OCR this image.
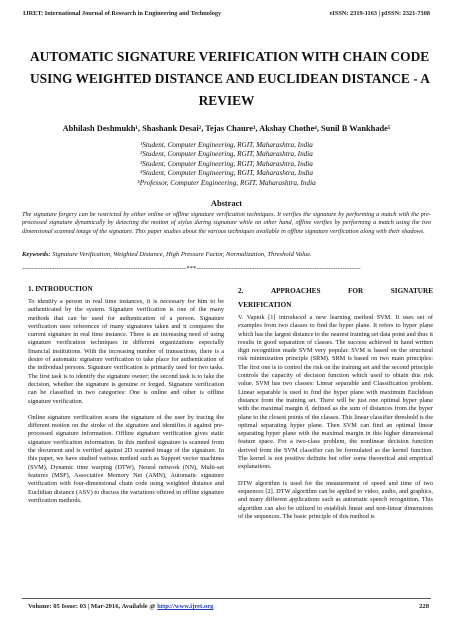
IJRET: International Journal of Research in Engineering and Technology	eISSN: 2319-1163 | pISSN: 2321-7308
AUTOMATIC SIGNATURE VERIFICATION WITH CHAIN CODE
USING WEIGHTED DISTANCE AND EUCLIDEAN DISTANCE - A
REVIEW
Abhilash Deshmukh¹, Shashank Desai², Tejas Chaure³, Akshay Chothe⁴, Sunil B Wankhade⁵
¹Student, Computer Engineering, RGIT, Maharashtra, India
²Student, Computer Engineering, RGIT, Maharashtra, India
³Student, Computer Engineering, RGIT, Maharashtra, India
⁴Student, Computer Engineering, RGIT, Maharashtra, India
⁵Professor, Computer Engineering, RGIT, Maharashtra, India
Abstract
The signature forgery can be restricted by either online or offline signature verification techniques. It verifies the signature by performing a match with the pre-processed signature dynamically by detecting the motion of stylus during signature while on other hand, offline verifies by performing a match using the two dimensional scanned image of the signature. This paper studies about the various techniques available in offline signature verification along with their shadows.
Keywords: Signature Verification, Weighted Distance, High Pressure Factor, Normalization, Threshold Value.
-----------------------------------------------------------------------***-----------------------------------------------------------------------
1. INTRODUCTION

To identify a person in real time instances, it is necessary for him to be authenticated by the system. Signature verification is one of the many methods that can be used for authentication of a person. Signature verification uses references of many signatures taken and it compares the current signature in real time instance. There is an increasing need of using signature verification techniques in different organizations especially financial institutions. With the increasing number of transactions, there is a desire of automatic signature verification to take place for authentication of the individual persons. Signature verification is primarily used for two tasks. The first task is to identify the signature owner; the second task is to take the decision, whether the signature is genuine or forged. Signature verification can be classified in two categories: One is online and other is offline signature verification.

Online signature verification scans the signature of the user by tracing the different motion on the stroke of the signature and identifies it against pre-processed signature information. Offline signature verification gives static signature verification information. In this method signature is scanned from the document and is verified against 2D scanned image of the signature. In this paper, we have studied various method such as Support vector machines (SVM), Dynamic time warping (DTW), Neural network (NN), Multi-set features (MSF), Associative Memory Net (AMN), Automatic signature verification with four-dimensional chain code using weighted distance and Euclidian distance (ASV) to discuss the variations offered in offline signature verification methods.

2.	APPROACHES	FOR	SIGNATURE
VERIFICATION

V. Vapnik [1] introduced a new learning method SVM. It uses set of examples from two classes to find the hyper plane. It refers to hyper plane which has the largest distance to the nearest training set data point and thus it results in good separation of classes. The success achieved in hand written digit recognition made SVM very popular. SVM is based on the structural risk minimization principle (SRM). SRM is based on two main principles: The first one is to control the risk on the training set and the second principle controls the capacity of decision function which used to obtain this risk value. SVM has two classes: Linear separable and Classification problem. Linear separable is used to find the hyper plane with maximum Euclidean distance from the training set. There will be just one optimal hyper plane with the maximal margin d, defined as the sum of distances from the hyper plane to the closest points of the classes. This linear classifier threshold is the optimal separating hyper plane. Then SVM can find an optimal linear separating hyper plane with the maximal margin in this higher dimensional feature space. For a two-class problem, the nonlinear decision function derived from the SVM classifier can be formulated as the kernel function. The kernel is not positive definite but offer some theoretical and empirical explanations.

DTW algorithm is used for the measurement of speed and time of two sequences [2]. DTW algorithm can be applied to video, audio, and graphics, and many different applications such as automatic speech recognition. This algorithm can also be utilized to establish linear and non-linear dimensions of the sequences. The basic principle of this method is

Volume: 05 Issue: 03 | Mar-2016, Available @ http://www.ijret.org	228
